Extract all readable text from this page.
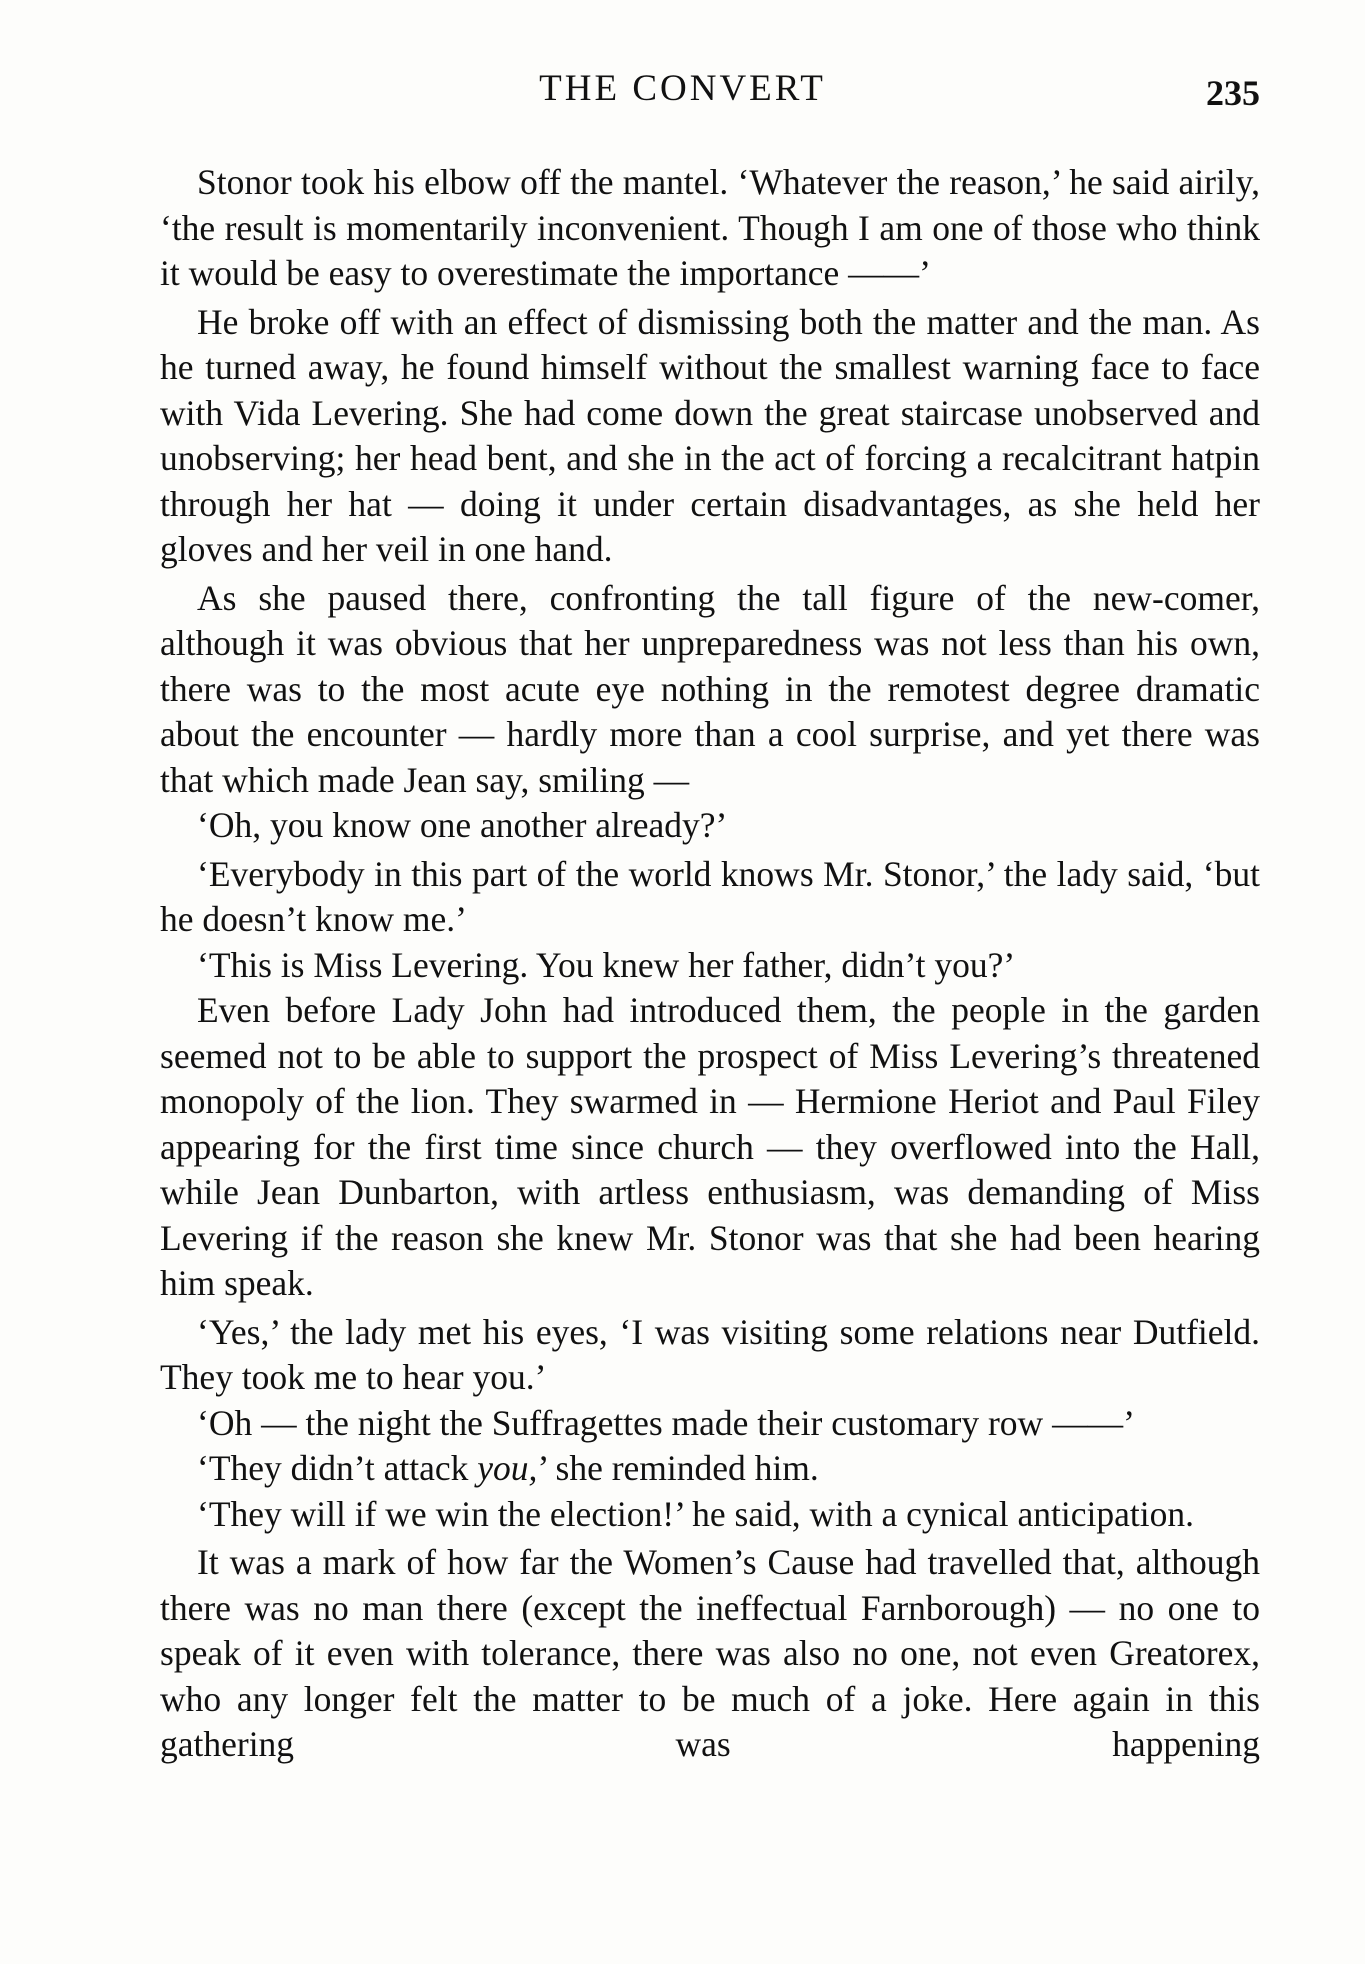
THE CONVERT	235

Stonor took his elbow off the mantel. ‘Whatever the reason,’ he said airily, ‘the result is momentarily inconvenient. Though I am one of those who think it would be easy to overestimate the importance ——’

He broke off with an effect of dismissing both the matter and the man. As he turned away, he found himself without the smallest warning face to face with Vida Levering. She had come down the great staircase unobserved and unobserving; her head bent, and she in the act of forcing a recalcitrant hatpin through her hat — doing it under certain disadvantages, as she held her gloves and her veil in one hand.

As she paused there, confronting the tall figure of the new-comer, although it was obvious that her unpreparedness was not less than his own, there was to the most acute eye nothing in the remotest degree dramatic about the encounter — hardly more than a cool surprise, and yet there was that which made Jean say, smiling —

‘Oh, you know one another already?’

‘Everybody in this part of the world knows Mr. Stonor,’ the lady said, ‘but he doesn’t know me.’

‘This is Miss Levering. You knew her father, didn’t you?’

Even before Lady John had introduced them, the people in the garden seemed not to be able to support the prospect of Miss Levering’s threatened monopoly of the lion. They swarmed in — Hermione Heriot and Paul Filey appearing for the first time since church — they overflowed into the Hall, while Jean Dunbarton, with artless enthusiasm, was demanding of Miss Levering if the reason she knew Mr. Stonor was that she had been hearing him speak.

‘Yes,’ the lady met his eyes, ‘I was visiting some relations near Dutfield. They took me to hear you.’

‘Oh — the night the Suffragettes made their customary row ——’

‘They didn’t attack you,’ she reminded him.

‘They will if we win the election!’ he said, with a cynical anticipation.

It was a mark of how far the Women’s Cause had travelled that, although there was no man there (except the ineffectual Farnborough) — no one to speak of it even with tolerance, there was also no one, not even Greatorex, who any longer felt the matter to be much of a joke. Here again in this gathering was happening
